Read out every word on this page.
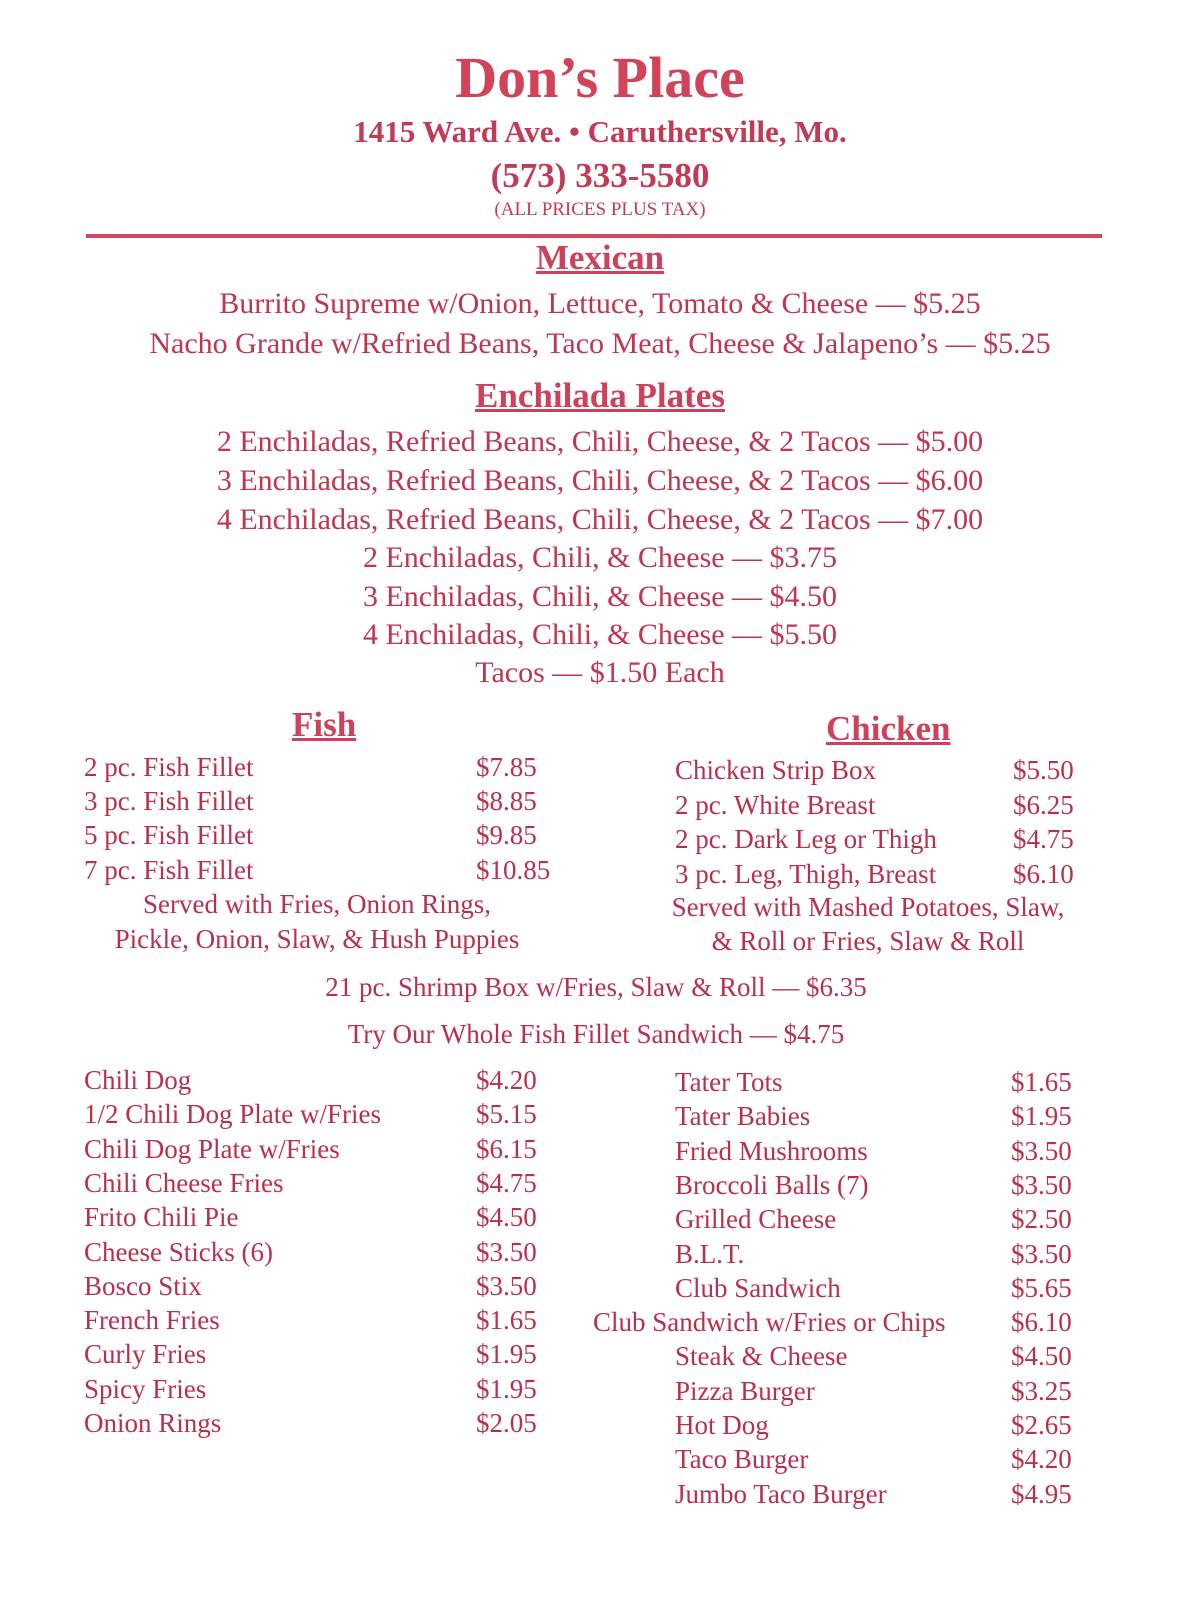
Don’s Place
1415 Ward Ave. • Caruthersville, Mo.
(573) 333-5580
(ALL PRICES PLUS TAX)
Mexican
Burrito Supreme w/Onion, Lettuce, Tomato & Cheese — $5.25
Nacho Grande w/Refried Beans, Taco Meat, Cheese & Jalapeno’s — $5.25
Enchilada Plates
2 Enchiladas, Refried Beans, Chili, Cheese, & 2 Tacos — $5.00
3 Enchiladas, Refried Beans, Chili, Cheese, & 2 Tacos — $6.00
4 Enchiladas, Refried Beans, Chili, Cheese, & 2 Tacos — $7.00
2 Enchiladas, Chili, & Cheese — $3.75
3 Enchiladas, Chili, & Cheese — $4.50
4 Enchiladas, Chili, & Cheese — $5.50
Tacos — $1.50 Each
Fish	Chicken
2 pc. Fish Fillet	$7.85
3 pc. Fish Fillet	$8.85
5 pc. Fish Fillet	$9.85
7 pc. Fish Fillet	$10.85
Served with Fries, Onion Rings,
Pickle, Onion, Slaw, & Hush Puppies
Chicken Strip Box	$5.50
2 pc. White Breast	$6.25
2 pc. Dark Leg or Thigh	$4.75
3 pc. Leg, Thigh, Breast	$6.10
Served with Mashed Potatoes, Slaw,
& Roll or Fries, Slaw & Roll
21 pc. Shrimp Box w/Fries, Slaw & Roll — $6.35
Try Our Whole Fish Fillet Sandwich — $4.75
Chili Dog	$4.20
1/2 Chili Dog Plate w/Fries	$5.15
Chili Dog Plate w/Fries	$6.15
Chili Cheese Fries	$4.75
Frito Chili Pie	$4.50
Cheese Sticks (6)	$3.50
Bosco Stix	$3.50
French Fries	$1.65
Curly Fries	$1.95
Spicy Fries	$1.95
Onion Rings	$2.05
Tater Tots	$1.65
Tater Babies	$1.95
Fried Mushrooms	$3.50
Broccoli Balls (7)	$3.50
Grilled Cheese	$2.50
B.L.T.	$3.50
Club Sandwich	$5.65
Club Sandwich w/Fries or Chips $6.10
Steak & Cheese	$4.50
Pizza Burger	$3.25
Hot Dog	$2.65
Taco Burger	$4.20
Jumbo Taco Burger	$4.95
